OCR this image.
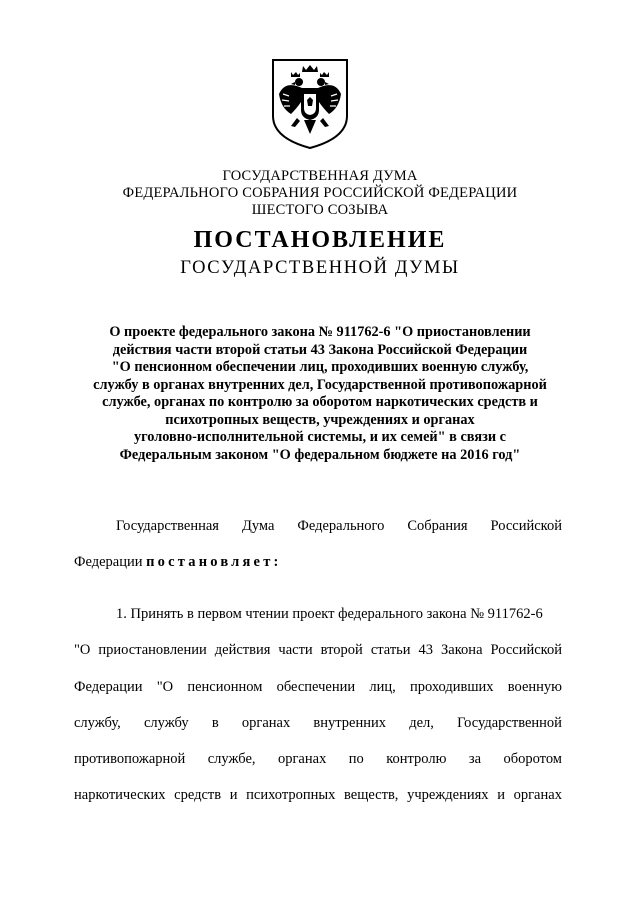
ГОСУДАРСТВЕННАЯ ДУМА
ФЕДЕРАЛЬНОГО СОБРАНИЯ РОССИЙСКОЙ ФЕДЕРАЦИИ
ШЕСТОГО СОЗЫВА
ПОСТАНОВЛЕНИЕ
ГОСУДАРСТВЕННОЙ ДУМЫ
О проекте федерального закона № 911762-6 "О приостановлении
действия части второй статьи 43 Закона Российской Федерации
"О пенсионном обеспечении лиц, проходивших военную службу,
службу в органах внутренних дел, Государственной противопожарной
службе, органах по контролю за оборотом наркотических средств и
психотропных веществ, учреждениях и органах
уголовно-исполнительной системы, и их семей" в связи с
Федеральным законом "О федеральном бюджете на 2016 год"
Государственная Дума Федерального Собрания Российской
Федерации постановляет:
1. Принять в первом чтении проект федерального закона № 911762-6
"О приостановлении действия части второй статьи 43 Закона Российской
Федерации "О пенсионном обеспечении лиц, проходивших военную
службу, службу в органах внутренних дел, Государственной
противопожарной службе, органах по контролю за оборотом
наркотических средств и психотропных веществ, учреждениях и органах
